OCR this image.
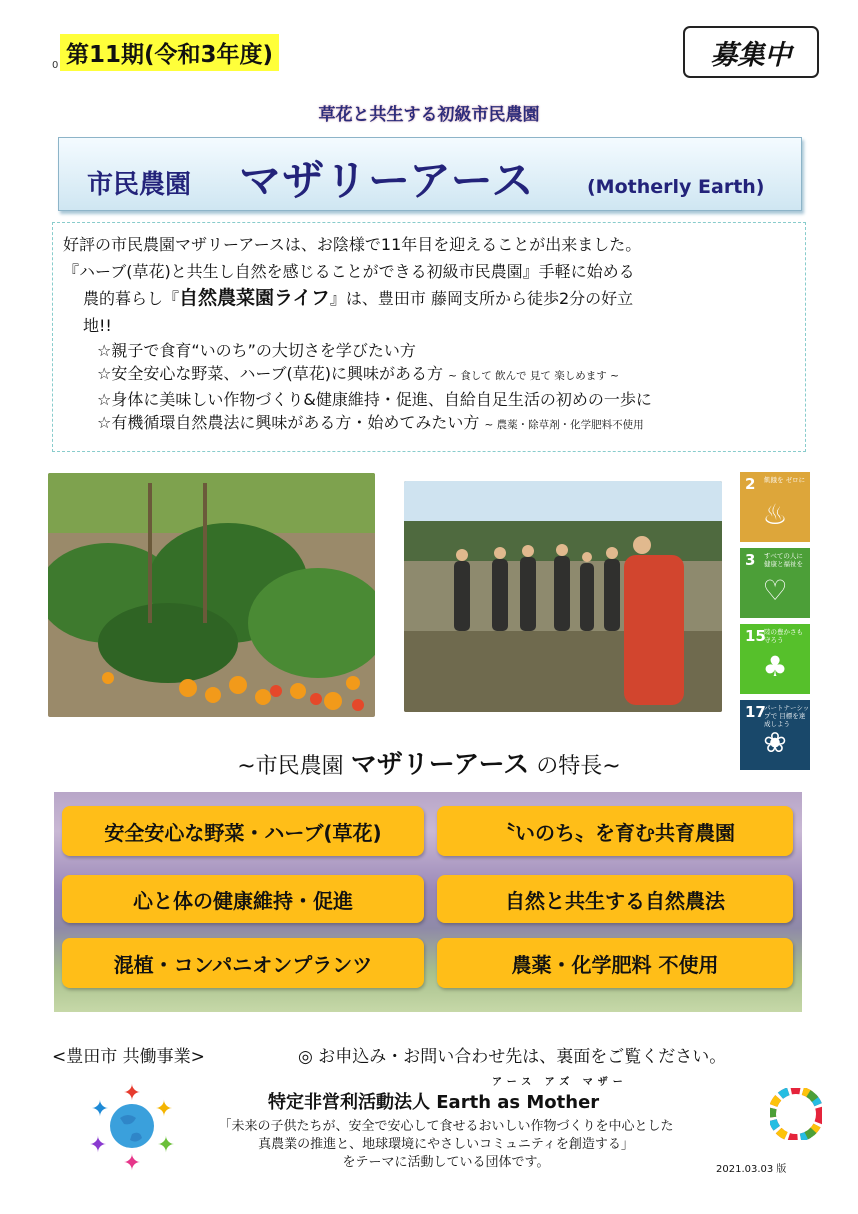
0 第11期(令和3年度)	募集中
草花と共生する初級市民農園
市民農園 マザリーアース	(Motherly Earth)

好評の市民農園マザリーアースは、お陰様で11年目を迎えることが出来ました。

『ハーブ(草花)と共生し自然を感じることができる初級市民農園』手軽に始める

農的暮らし『自然農菜園ライフ』は、豊田市 藤岡支所から徒歩2分の好立

地!!

☆親子で食育“いのち”の大切さを学びたい方

☆安全安心な野菜、ハーブ(草花)に興味がある方 ~ 食して 飲んで 見て 楽しめます ~

☆身体に美味しい作物づくり&健康維持・促進、自給自足生活の初めの一歩に

☆有機循環自然農法に興味がある方・始めてみたい方 ~ 農薬・除草剤・化学肥料不使用

2 飢餓を ゼロに
♨
3 すべての人に 健康と福祉を
♡
15
陸の豊かさも 守ろう
♣
17
パートナーシップで 目標を達成しよう
❀
~市民農園 マザリーアース の特長~
安全安心な野菜・ハーブ(草花)	〝いのち〟を育む共育農園
心と体の健康維持・促進	自然と共生する自然農法
混植・コンパニオンプランツ	農薬・化学肥料 不使用
<豊田市 共働事業>	◎ お申込み・お問い合わせ先は、裏面をご覧ください。
✦
✦
✦
✦
✦
✦
アース アズ マザー
特定非営利活動法人 Earth as Mother
「未来の子供たちが、安全で安心して食せるおいしい作物づくりを中心とした
真農業の推進と、地球環境にやさしいコミュニティを創造する」
をテーマに活動している団体です。	2021.03.03 版
